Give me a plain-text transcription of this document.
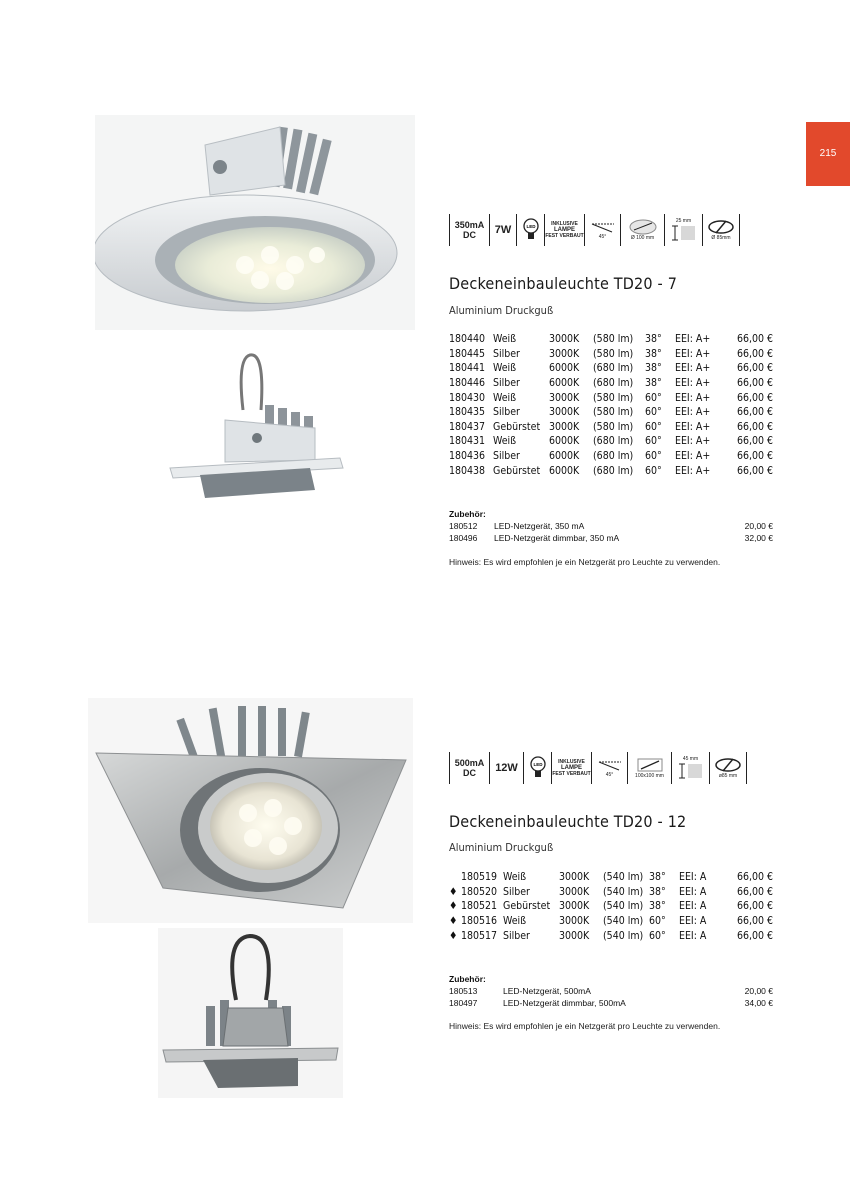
215
350mA
DC 7W	LED	INKLUSIVE
LAMPE
FEST VERBAUT	45°	Ø 100 mm
25 mm
Ø 85mm
Deckeneinbauleuchte TD20 - 7
Aluminium Druckguß
	180440	Weiß	3000K	(580 lm)	38°	EEI: A+	66,00 €
	180445	Silber	3000K	(580 lm)	38°	EEI: A+	66,00 €
	180441	Weiß	6000K	(680 lm)	38°	EEI: A+	66,00 €
	180446	Silber	6000K	(680 lm)	38°	EEI: A+	66,00 €
	180430	Weiß	3000K	(580 lm)	60°	EEI: A+	66,00 €
	180435	Silber	3000K	(580 lm)	60°	EEI: A+	66,00 €
	180437	Gebürstet	3000K	(580 lm)	60°	EEI: A+	66,00 €
	180431	Weiß	6000K	(680 lm)	60°	EEI: A+	66,00 €
	180436	Silber	6000K	(680 lm)	60°	EEI: A+	66,00 €
	180438	Gebürstet	6000K	(680 lm)	60°	EEI: A+	66,00 €
Zubehör:
180512	LED-Netzgerät, 350 mA	20,00 €
180496	LED-Netzgerät dimmbar, 350 mA	32,00 €
Hinweis: Es wird empfohlen je ein Netzgerät pro Leuchte zu verwenden.
500mA
DC 12W	LED	INKLUSIVE
LAMPE
FEST VERBAUT	45°	100x100 mm
45 mm
ø85 mm
Deckeneinbauleuchte TD20 - 12
Aluminium Druckguß
	180519	Weiß	3000K	(540 lm)	38°	EEI: A	66,00 €
♦	180520	Silber	3000K	(540 lm)	38°	EEI: A	66,00 €
♦	180521	Gebürstet	3000K	(540 lm)	38°	EEI: A	66,00 €
♦	180516	Weiß	3000K	(540 lm)	60°	EEI: A	66,00 €
♦	180517	Silber	3000K	(540 lm)	60°	EEI: A	66,00 €
Zubehör:
180513	LED-Netzgerät, 500mA	20,00 €
180497	LED-Netzgerät dimmbar, 500mA	34,00 €
Hinweis: Es wird empfohlen je ein Netzgerät pro Leuchte zu verwenden.
